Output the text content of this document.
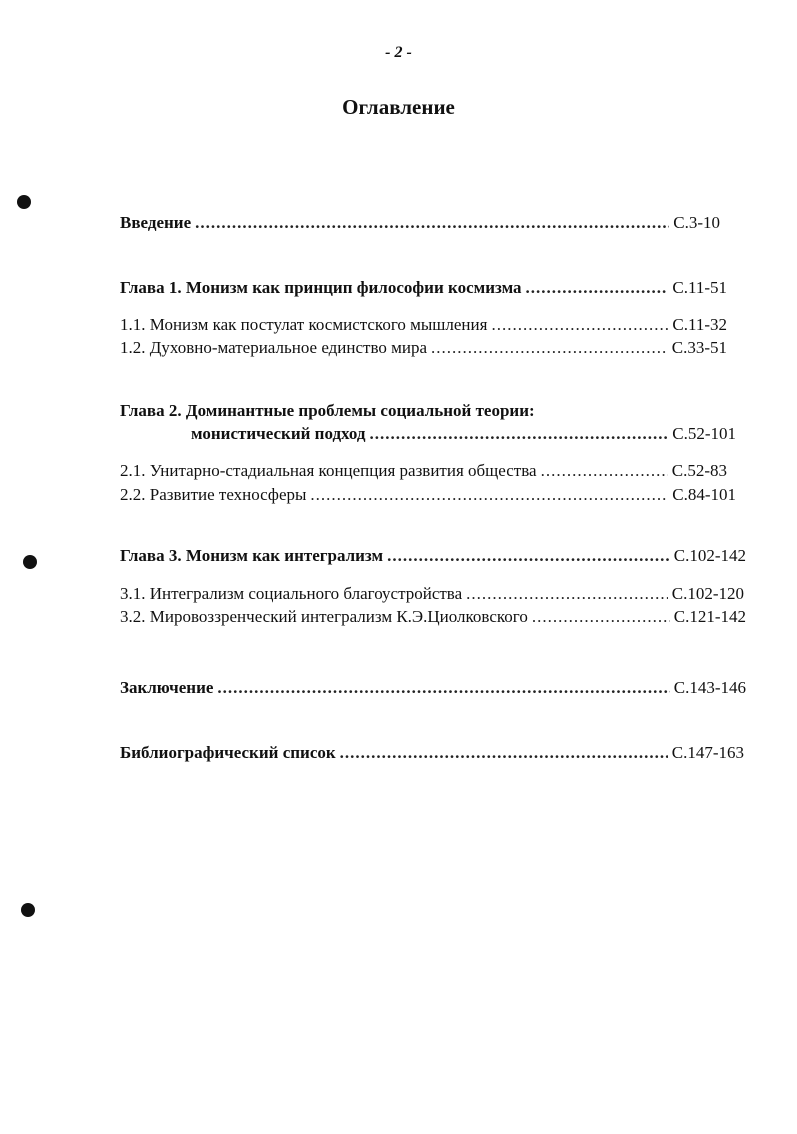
- 2 -
Оглавление
Введение .....	С.3-10
Глава 1. Монизм как принцип философии космизма .....	С.11-51
1.1. Монизм как постулат космистского мышления .....	С.11-32
1.2. Духовно-материальное единство мира .....	С.33-51
Глава 2. Доминантные проблемы социальной теории:
монистический подход .....	С.52-101
2.1. Унитарно-стадиальная концепция развития общества .....	С.52-83
2.2. Развитие техносферы .....	С.84-101
Глава 3. Монизм как интегрализм .....	С.102-142
3.1. Интегрализм социального благоустройства .....	С.102-120
3.2. Мировоззренческий интегрализм К.Э.Циолковского .....	С.121-142
Заключение .....	С.143-146
Библиографический список .....	С.147-163
